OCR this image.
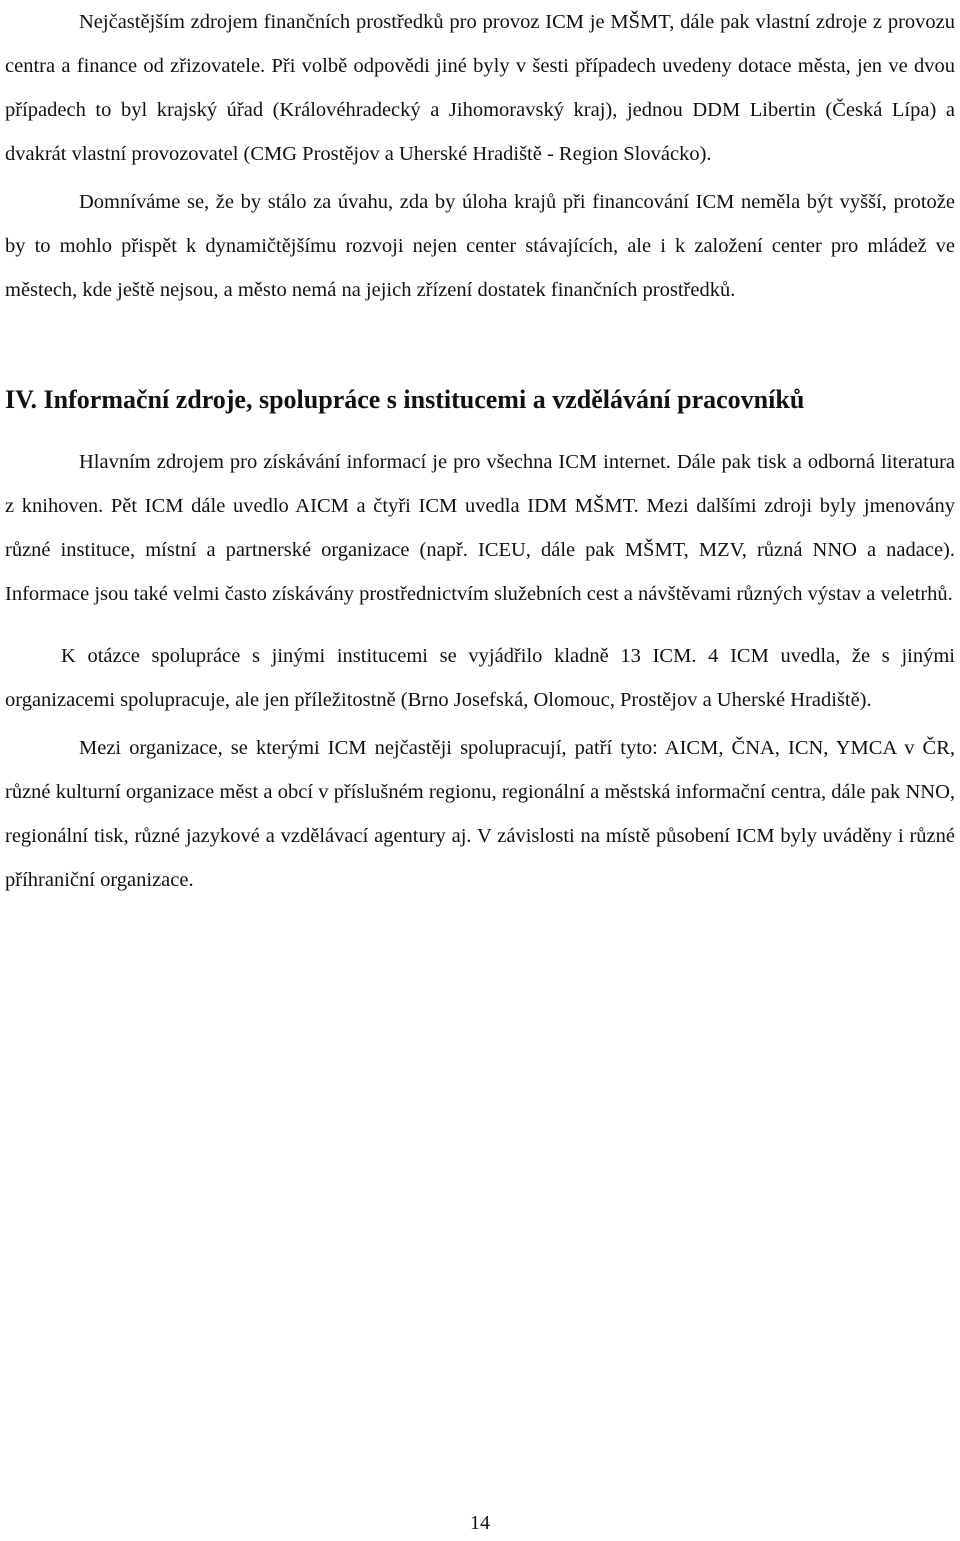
Nejčastějším zdrojem finančních prostředků pro provoz ICM je MŠMT, dále pak vlastní zdroje z provozu centra a finance od zřizovatele. Při volbě odpovědi jiné byly v šesti případech uvedeny dotace města, jen ve dvou případech to byl krajský úřad (Královéhradecký a Jihomoravský kraj), jednou DDM Libertin (Česká Lípa) a dvakrát vlastní provozovatel (CMG Prostějov a Uherské Hradiště - Region Slovácko).

Domníváme se, že by stálo za úvahu, zda by úloha krajů při financování ICM neměla být vyšší, protože by to mohlo přispět k dynamičtějšímu rozvoji nejen center stávajících, ale i k založení center pro mládež ve městech, kde ještě nejsou, a město nemá na jejich zřízení dostatek finančních prostředků.

IV. Informační zdroje, spolupráce s institucemi a vzdělávání pracovníků

Hlavním zdrojem pro získávání informací je pro všechna ICM internet. Dále pak tisk a odborná literatura z knihoven. Pět ICM dále uvedlo AICM a čtyři ICM uvedla IDM MŠMT. Mezi dalšími zdroji byly jmenovány různé instituce, místní a partnerské organizace (např. ICEU, dále pak MŠMT, MZV, různá NNO a nadace). Informace jsou také velmi často získávány prostřednictvím služebních cest a návštěvami různých výstav a veletrhů.

K otázce spolupráce s jinými institucemi se vyjádřilo kladně 13 ICM. 4 ICM uvedla, že s jinými organizacemi spolupracuje, ale jen příležitostně (Brno Josefská, Olomouc, Prostějov a Uherské Hradiště).

Mezi organizace, se kterými ICM nejčastěji spolupracují, patří tyto: AICM, ČNA, ICN, YMCA v ČR, různé kulturní organizace měst a obcí v příslušném regionu, regionální a městská informační centra, dále pak NNO, regionální tisk, různé jazykové a vzdělávací agentury aj. V závislosti na místě působení ICM byly uváděny i různé příhraniční organizace.

14
